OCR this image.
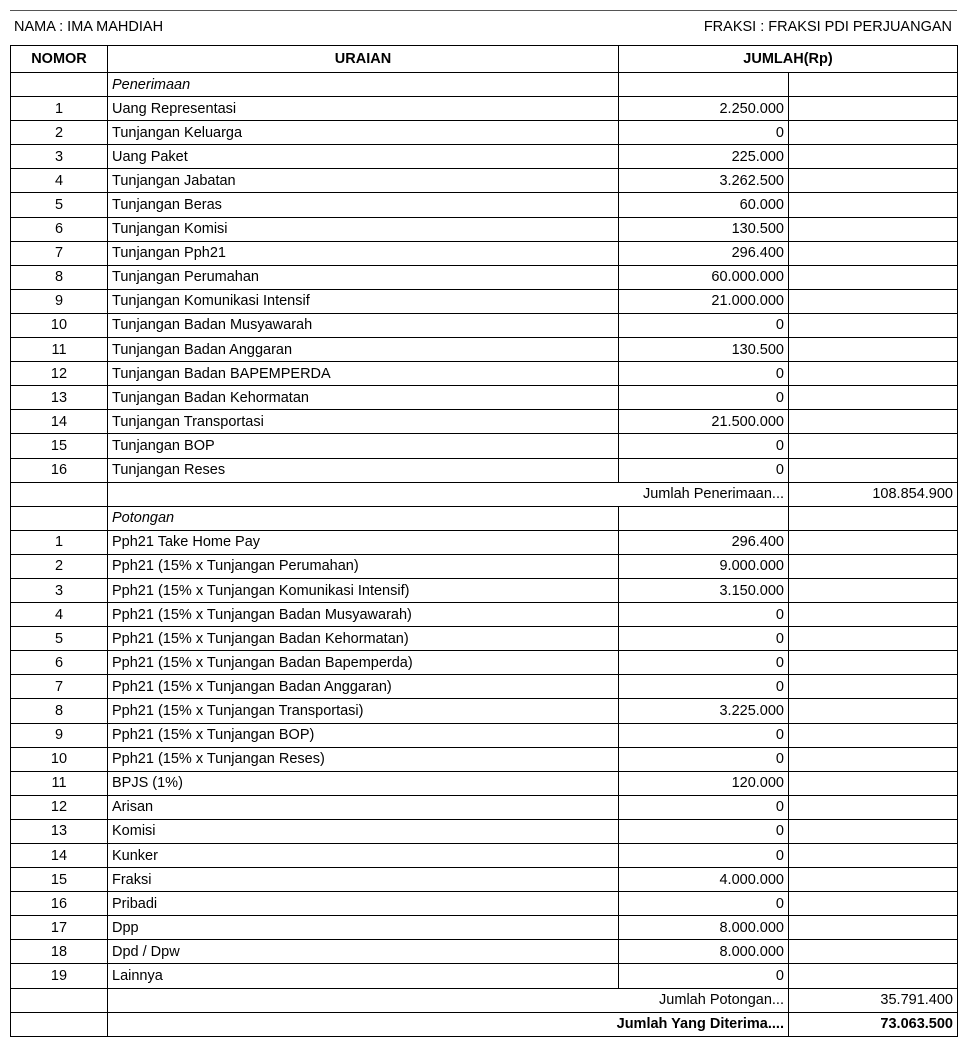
NAMA : IMA MAHDIAH	FRAKSI : FRAKSI PDI PERJUANGAN
NOMOR	URAIAN	JUMLAH(Rp)	
	Penerimaan		
1	Uang Representasi	2.250.000	
2	Tunjangan Keluarga	0	
3	Uang Paket	225.000	
4	Tunjangan Jabatan	3.262.500	
5	Tunjangan Beras	60.000	
6	Tunjangan Komisi	130.500	
7	Tunjangan Pph21	296.400	
8	Tunjangan Perumahan	60.000.000	
9	Tunjangan Komunikasi Intensif	21.000.000	
10	Tunjangan Badan Musyawarah	0	
11	Tunjangan Badan Anggaran	130.500	
12	Tunjangan Badan BAPEMPERDA	0	
13	Tunjangan Badan Kehormatan	0	
14	Tunjangan Transportasi	21.500.000	
15	Tunjangan BOP	0	
16	Tunjangan Reses	0	
	Jumlah Penerimaan...		108.854.900
	Potongan		
1	Pph21 Take Home Pay	296.400	
2	Pph21 (15% x Tunjangan Perumahan)	9.000.000	
3	Pph21 (15% x Tunjangan Komunikasi Intensif)	3.150.000	
4	Pph21 (15% x Tunjangan Badan Musyawarah)	0	
5	Pph21 (15% x Tunjangan Badan Kehormatan)	0	
6	Pph21 (15% x Tunjangan Badan Bapemperda)	0	
7	Pph21 (15% x Tunjangan Badan Anggaran)	0	
8	Pph21 (15% x Tunjangan Transportasi)	3.225.000	
9	Pph21 (15% x Tunjangan BOP)	0	
10	Pph21 (15% x Tunjangan Reses)	0	
11	BPJS (1%)	120.000	
12	Arisan	0	
13	Komisi	0	
14	Kunker	0	
15	Fraksi	4.000.000	
16	Pribadi	0	
17	Dpp	8.000.000	
18	Dpd / Dpw	8.000.000	
19	Lainnya	0	
	Jumlah Potongan...		35.791.400
	Jumlah Yang Diterima....		73.063.500
